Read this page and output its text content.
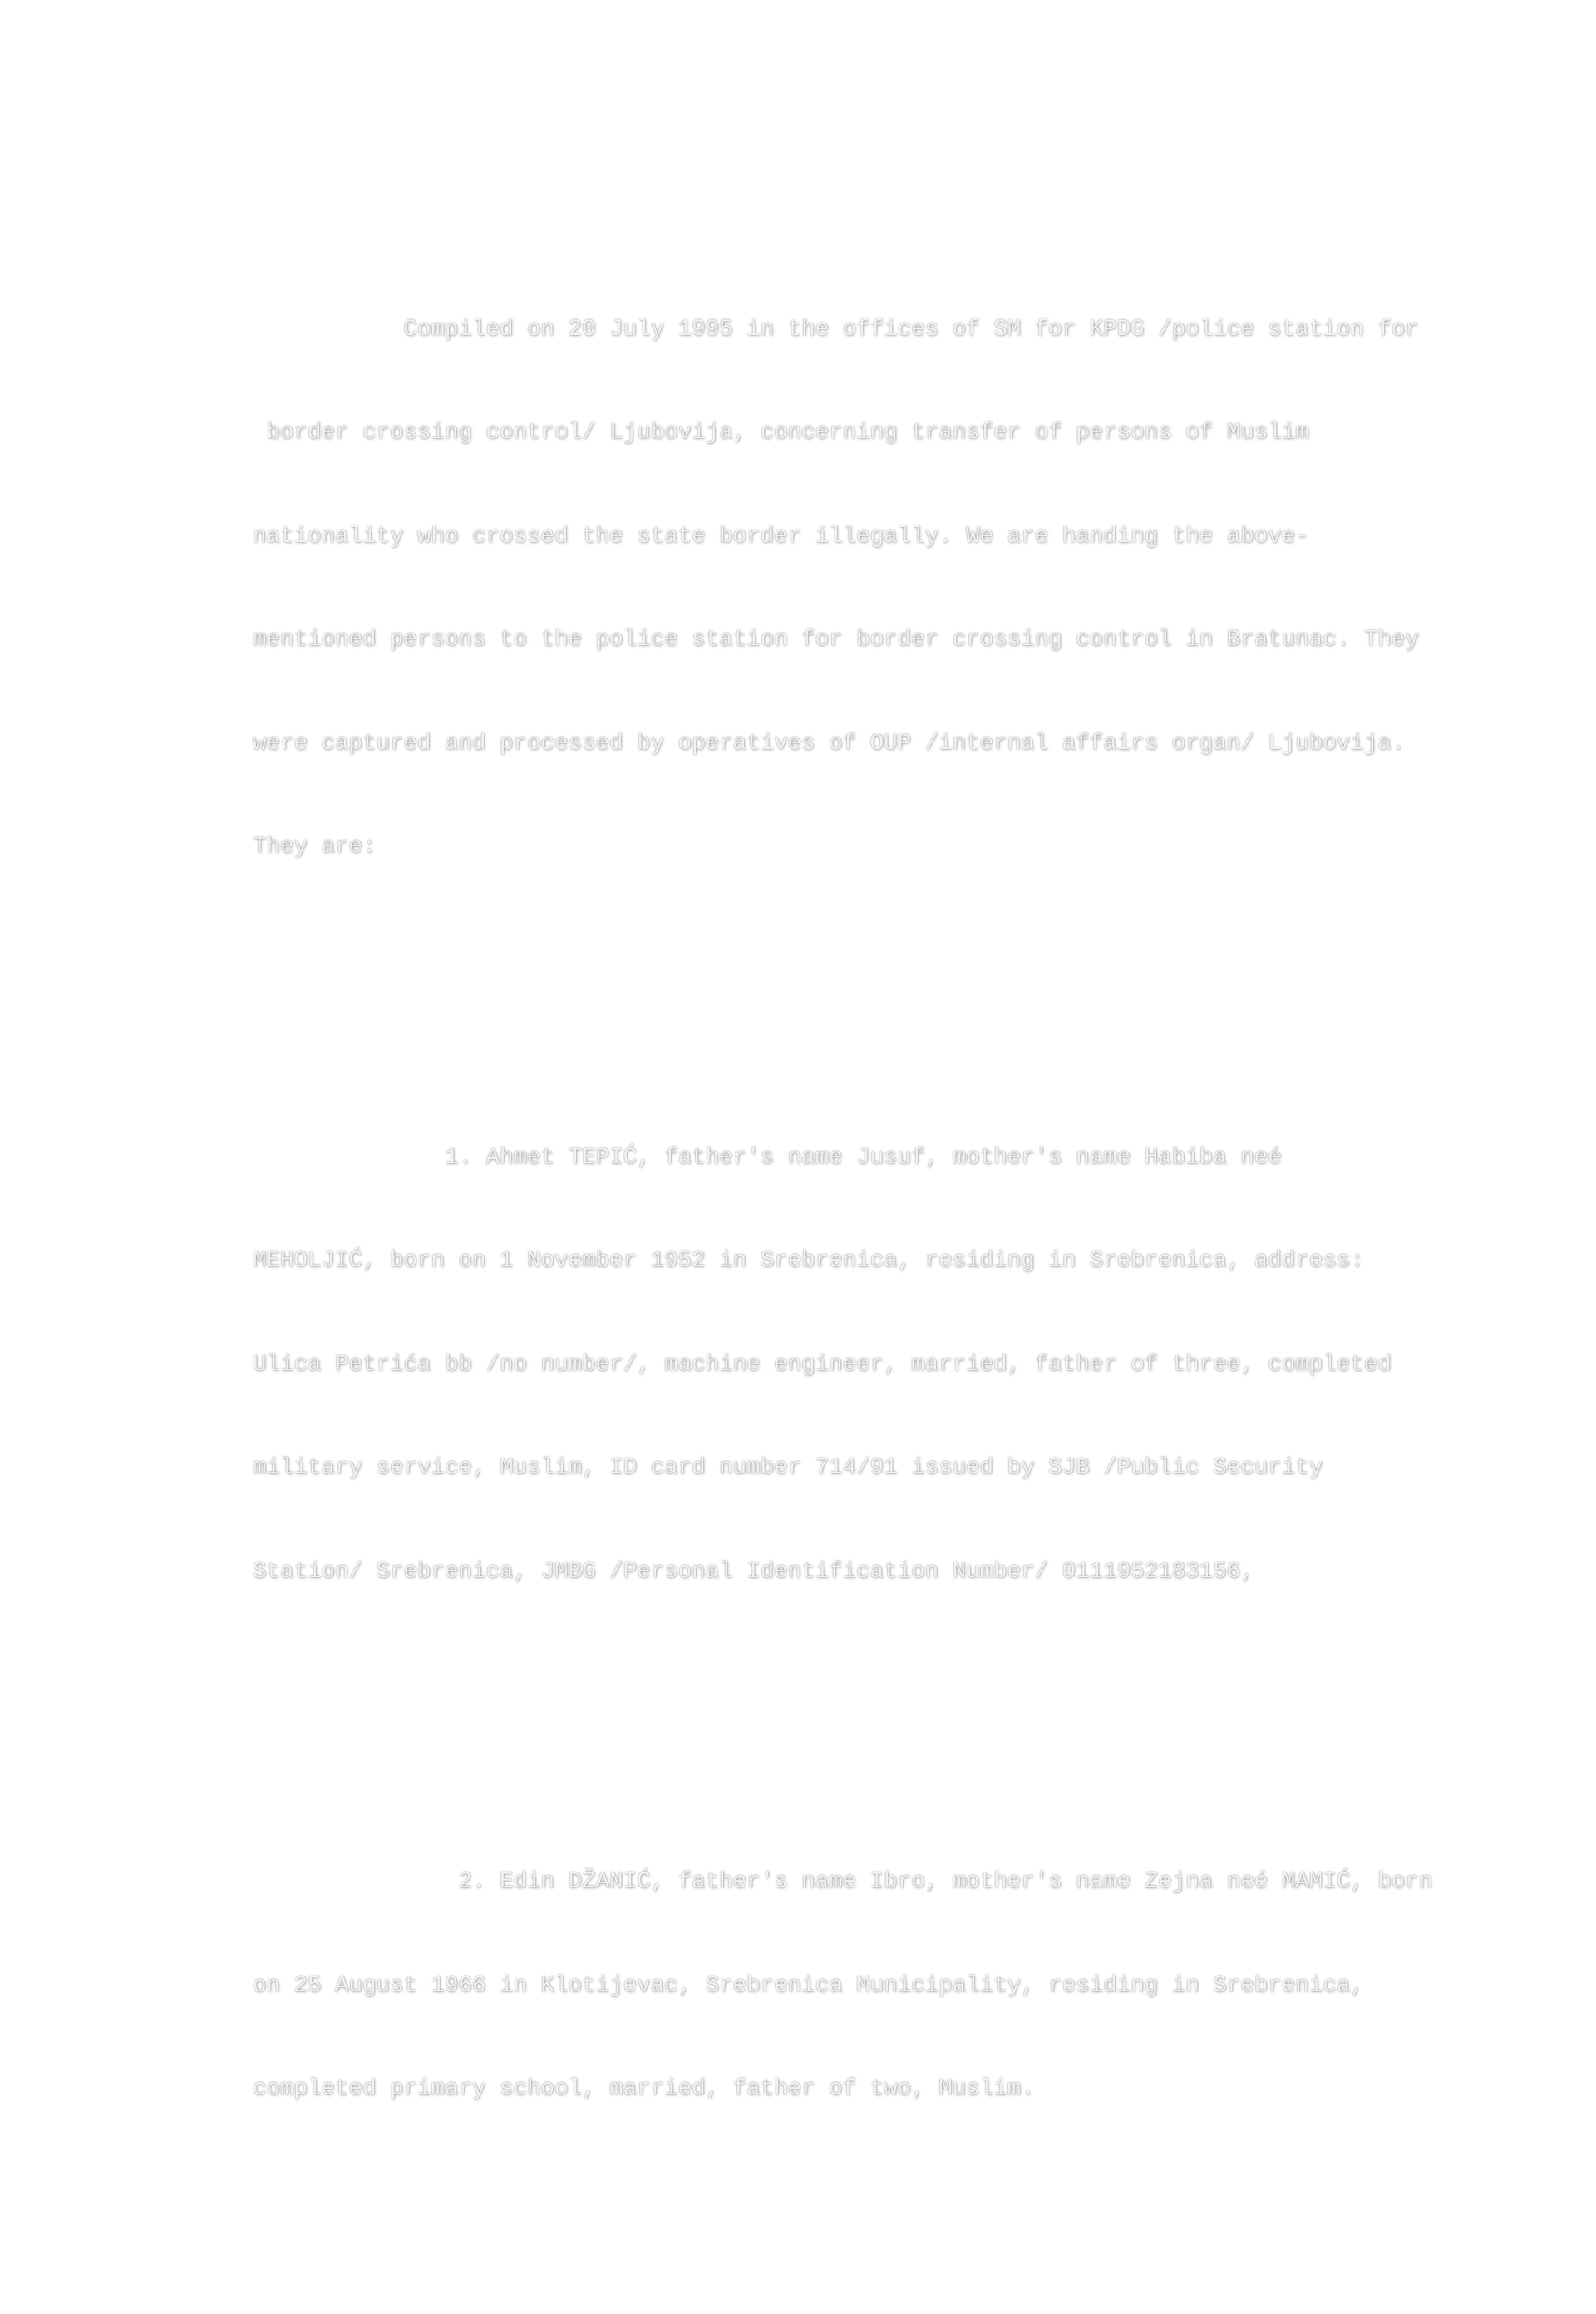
Compiled on 20 July 1995 in the offices of SM for KPDG /police station for

border crossing control/ Ljubovija, concerning transfer of persons of Muslim

nationality who crossed the state border illegally. We are handing the above-

mentioned persons to the police station for border crossing control in Bratunac. They

were captured and processed by operatives of OUP /internal affairs organ/ Ljubovija.

They are:

1. Ahmet TEPIĆ, father's name Jusuf, mother's name Habiba neé

MEHOLJIĆ, born on 1 November 1952 in Srebrenica, residing in Srebrenica, address:

Ulica Petrića bb /no number/, machine engineer, married, father of three, completed

military service, Muslim, ID card number 714/91 issued by SJB /Public Security

Station/ Srebrenica, JMBG /Personal Identification Number/ 0111952183156,

2. Edin DŽANIĆ, father's name Ibro, mother's name Zejna neé MAMIĆ, born

on 25 August 1966 in Klotijevac, Srebrenica Municipality, residing in Srebrenica,

completed primary school, married, father of two, Muslim.
